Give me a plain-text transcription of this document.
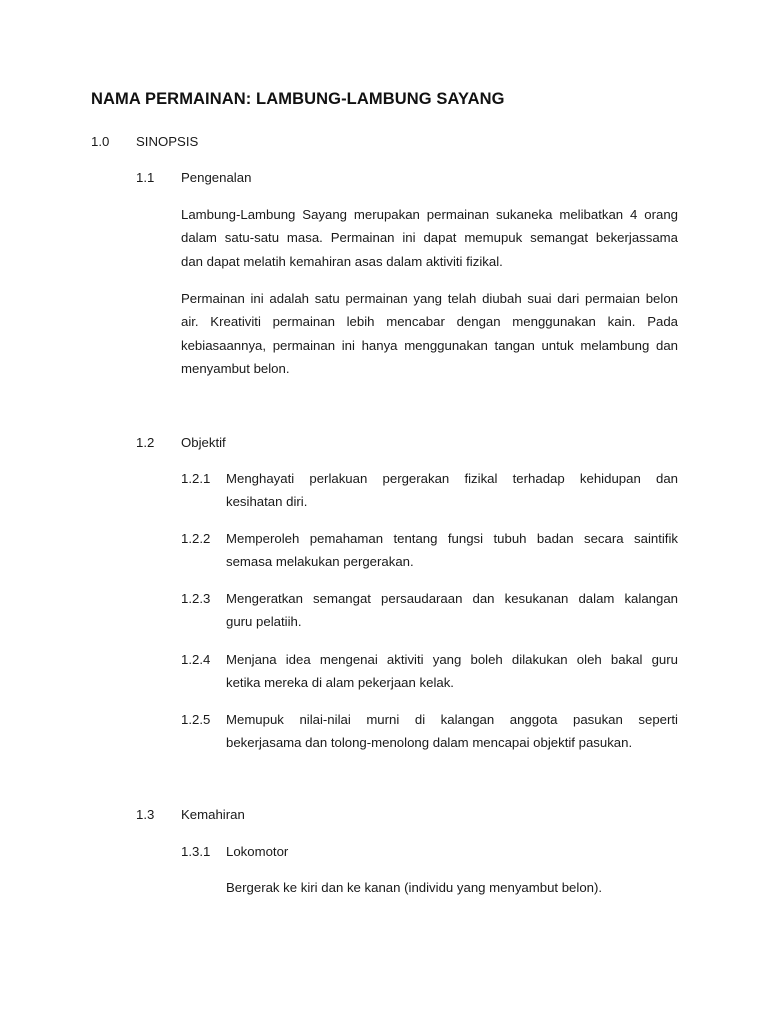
NAMA PERMAINAN: LAMBUNG-LAMBUNG SAYANG
1.0 SINOPSIS
1.1 Pengenalan
Lambung-Lambung Sayang merupakan permainan sukaneka melibatkan 4 orang
dalam satu-satu masa. Permainan ini dapat memupuk semangat bekerjassama
dan dapat melatih kemahiran asas dalam aktiviti fizikal.
Permainan ini adalah satu permainan yang telah diubah suai dari permaian belon
air. Kreativiti permainan lebih mencabar dengan menggunakan kain. Pada
kebiasaannya, permainan ini hanya menggunakan tangan untuk melambung dan
menyambut belon.
1.2 Objektif
1.2.1 Menghayati perlakuan pergerakan fizikal terhadap kehidupan dan
kesihatan diri.
1.2.2 Memperoleh pemahaman tentang fungsi tubuh badan secara saintifik
semasa melakukan pergerakan.
1.2.3 Mengeratkan semangat persaudaraan dan kesukanan dalam kalangan
guru pelatiih.
1.2.4 Menjana idea mengenai aktiviti yang boleh dilakukan oleh bakal guru
ketika mereka di alam pekerjaan kelak.
1.2.5 Memupuk nilai-nilai murni di kalangan anggota pasukan seperti
bekerjasama dan tolong-menolong dalam mencapai objektif pasukan.
1.3 Kemahiran
1.3.1 Lokomotor
Bergerak ke kiri dan ke kanan (individu yang menyambut belon).
